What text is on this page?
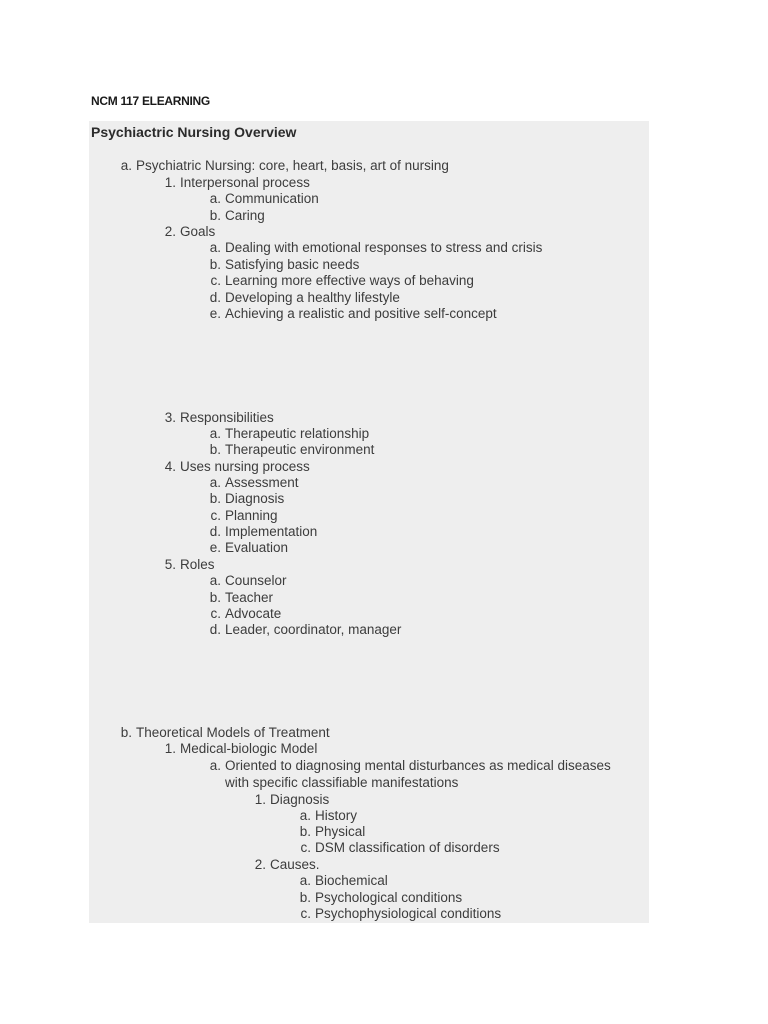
NCM 117 ELEARNING
Psychiactric Nursing Overview
a. Psychiatric Nursing: core, heart, basis, art of nursing
1. Interpersonal process
a. Communication
b. Caring
2. Goals
a. Dealing with emotional responses to stress and crisis
b. Satisfying basic needs
c. Learning more effective ways of behaving
d. Developing a healthy lifestyle
e. Achieving a realistic and positive self-concept
3. Responsibilities
a. Therapeutic relationship
b. Therapeutic environment
4. Uses nursing process
a. Assessment
b. Diagnosis
c. Planning
d. Implementation
e. Evaluation
5. Roles
a. Counselor
b. Teacher
c. Advocate
d. Leader, coordinator, manager
b. Theoretical Models of Treatment
1. Medical-biologic Model
a. Oriented to diagnosing mental disturbances as medical diseases
with specific classifiable manifestations
1. Diagnosis
a. History
b. Physical
c. DSM classification of disorders
2. Causes.
a. Biochemical
b. Psychological conditions
c. Psychophysiological conditions
